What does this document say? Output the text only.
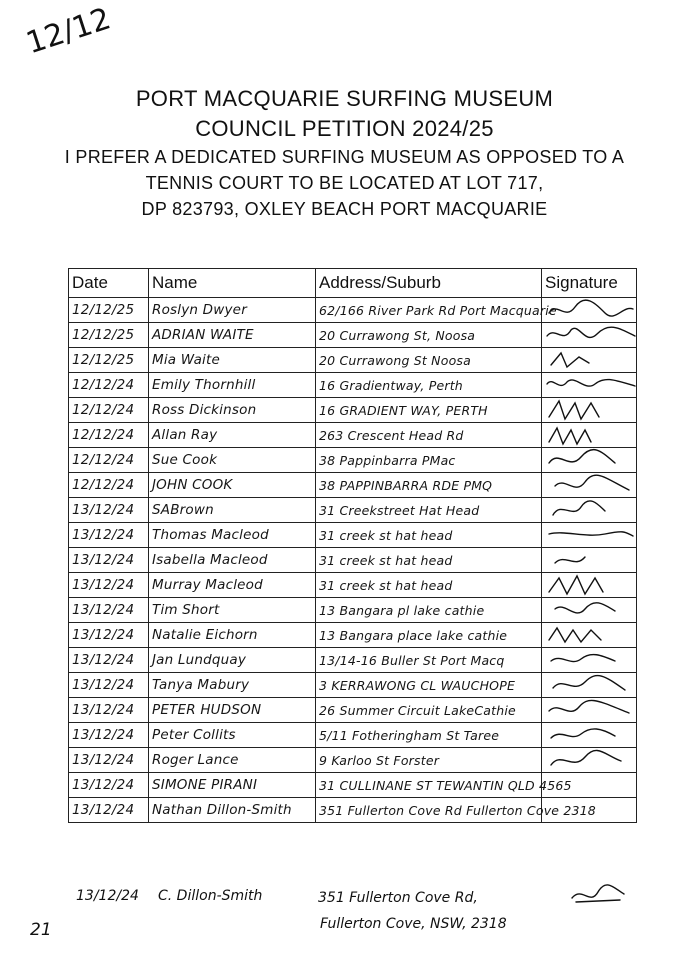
12/12
PORT MACQUARIE SURFING MUSEUM
COUNCIL PETITION 2024/25
I PREFER A DEDICATED SURFING MUSEUM AS OPPOSED TO A
TENNIS COURT TO BE LOCATED AT LOT 717,
DP 823793, OXLEY BEACH PORT MACQUARIE
Date	Name	Address/Suburb	Signature
12/12/25	Roslyn Dwyer	62/166 River Park Rd Port Macquarie	

12/12/25	ADRIAN WAITE	20 Currawong St, Noosa	

12/12/25	Mia Waite	20 Currawong St Noosa	

12/12/24	Emily Thornhill	16 Gradientway, Perth	

12/12/24	Ross Dickinson	16 GRADIENT WAY, PERTH	

12/12/24	Allan Ray	263 Crescent Head Rd	

12/12/24	Sue Cook	38 Pappinbarra PMac	

12/12/24	JOHN COOK	38 PAPPINBARRA RDE PMQ	

13/12/24	SABrown	31 Creekstreet Hat Head	

13/12/24	Thomas Macleod	31 creek st hat head	

13/12/24	Isabella Macleod	31 creek st hat head	

13/12/24	Murray Macleod	31 creek st hat head	

13/12/24	Tim Short	13 Bangara pl lake cathie	

13/12/24	Natalie Eichorn	13 Bangara place lake cathie	

13/12/24	Jan Lundquay	13/14-16 Buller St Port Macq	

13/12/24	Tanya Mabury	3 KERRAWONG CL WAUCHOPE	

13/12/24	PETER HUDSON	26 Summer Circuit LakeCathie	

13/12/24	Peter Collits	5/11 Fotheringham St Taree	

13/12/24	Roger Lance	9 Karloo St Forster	

13/12/24	SIMONE PIRANI	31 CULLINANE ST TEWANTIN QLD 4565	
13/12/24	Nathan Dillon-Smith	351 Fullerton Cove Rd Fullerton Cove 2318	
13/12/24 C. Dillon-Smith	351 Fullerton Cove Rd,
Fullerton Cove, NSW, 2318
21
